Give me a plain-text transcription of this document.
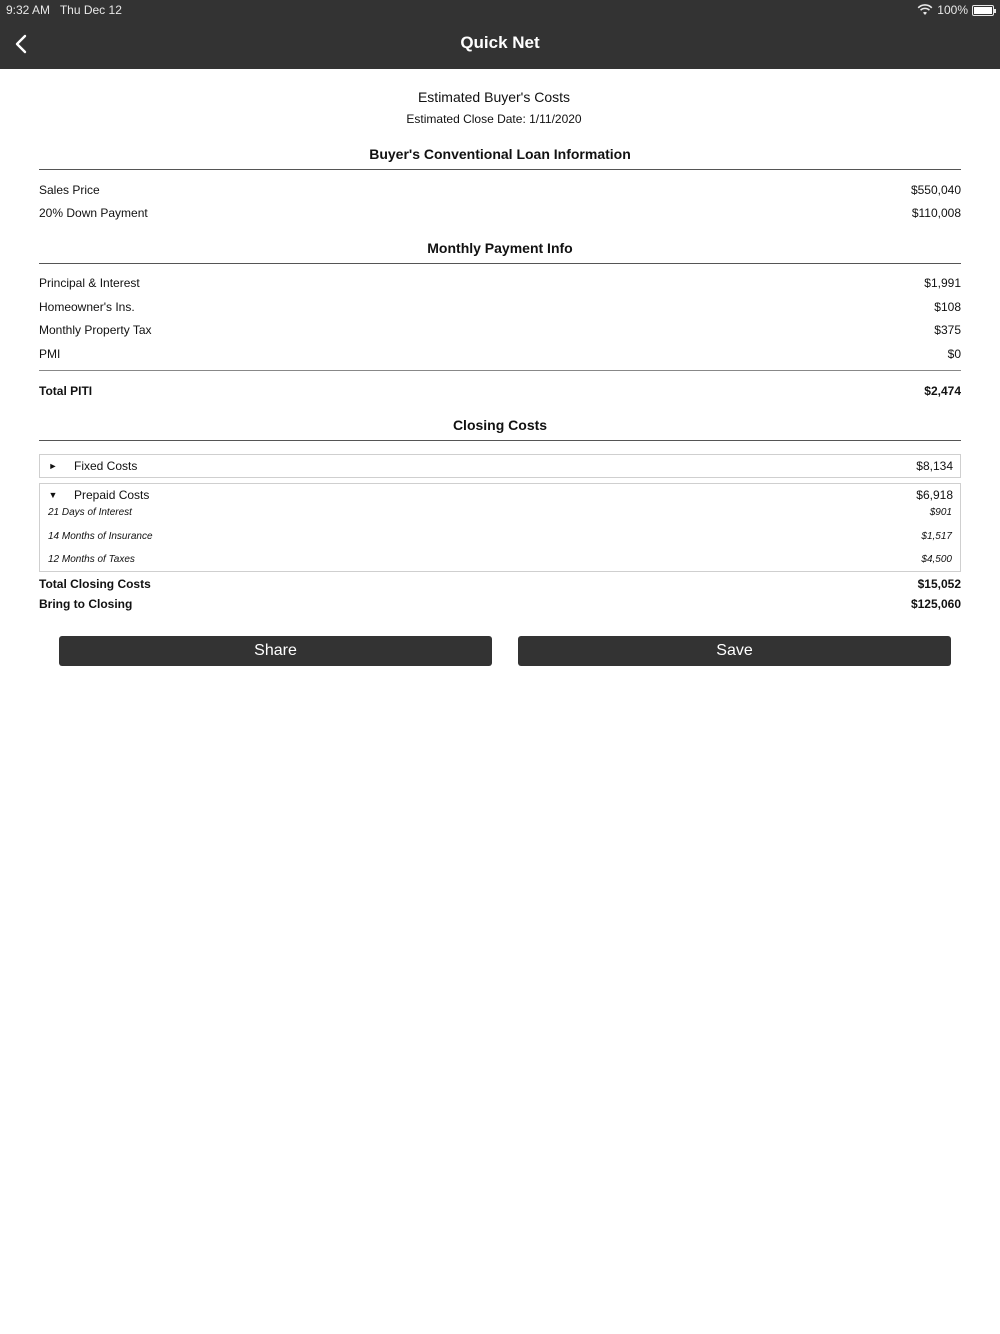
9:32 AM Thu Dec 12	100%
Quick Net
Estimated Buyer's Costs
Estimated Close Date: 1/11/2020
Buyer's Conventional Loan Information
Sales Price	$550,040
20% Down Payment	$110,008
Monthly Payment Info
Principal & Interest	$1,991
Homeowner's Ins.	$108
Monthly Property Tax	$375
PMI	$0
Total PITI	$2,474
Closing Costs
►	Fixed Costs	$8,134
▼	Prepaid Costs	$6,918
21 Days of Interest	$901
14 Months of Insurance	$1,517
12 Months of Taxes	$4,500
Total Closing Costs	$15,052
Bring to Closing	$125,060
Share	Save
